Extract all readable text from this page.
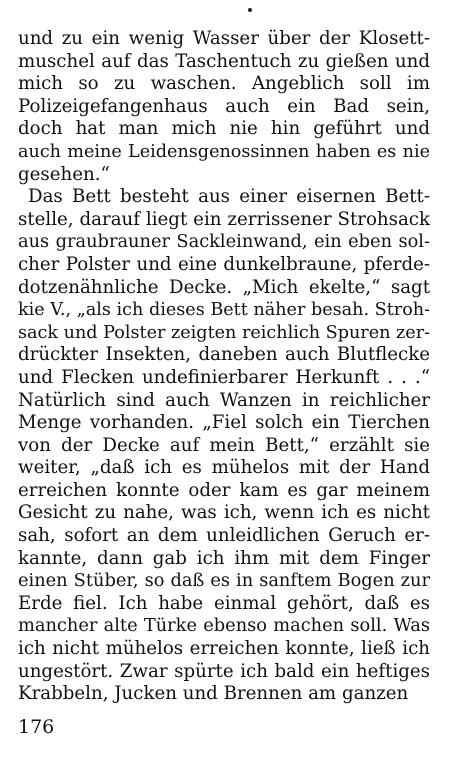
und zu ein wenig Wasser über der Klosett-
muschel auf das Taschentuch zu gießen und
mich so zu waschen. Angeblich soll im
Polizeigefangenhaus auch ein Bad sein,
doch hat man mich nie hin geführt und
auch meine Leidensgenossinnen haben es nie
gesehen.“
Das Bett besteht aus einer eisernen Bett-
stelle, darauf liegt ein zerrissener Strohsack
aus graubrauner Sackleinwand, ein eben sol-
cher Polster und eine dunkelbraune, pferde-
dotzenähnliche Decke. „Mich ekelte,“ sagt
kie V., „als ich dieses Bett näher besah. Stroh-
sack und Polster zeigten reichlich Spuren zer-
drückter Insekten, daneben auch Blutflecke
und Flecken undefinierbarer Herkunft . . .“
Natürlich sind auch Wanzen in reichlicher
Menge vorhanden. „Fiel solch ein Tierchen
von der Decke auf mein Bett,“ erzählt sie
weiter, „daß ich es mühelos mit der Hand
erreichen konnte oder kam es gar meinem
Gesicht zu nahe, was ich, wenn ich es nicht
sah, sofort an dem unleidlichen Geruch er-
kannte, dann gab ich ihm mit dem Finger
einen Stüber, so daß es in sanftem Bogen zur
Erde fiel. Ich habe einmal gehört, daß es
mancher alte Türke ebenso machen soll. Was
ich nicht mühelos erreichen konnte, ließ ich
ungestört. Zwar spürte ich bald ein heftiges
Krabbeln, Jucken und Brennen am ganzen
176
